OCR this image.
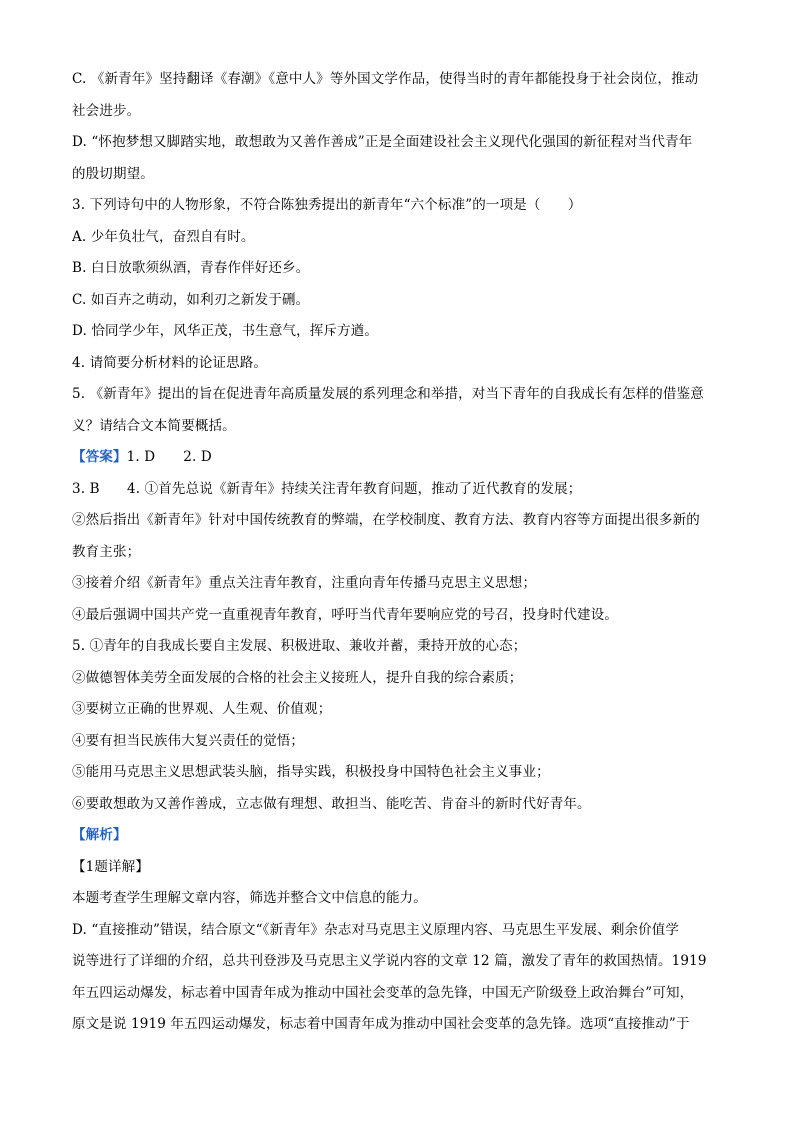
C. 《新青年》坚持翻译《春潮》《意中人》等外国文学作品，使得当时的青年都能投身于社会岗位，推动
社会进步。
D. “怀抱梦想又脚踏实地，敢想敢为又善作善成”正是全面建设社会主义现代化强国的新征程对当代青年
的殷切期望。
3. 下列诗句中的人物形象，不符合陈独秀提出的新青年“六个标准”的一项是（　　）
A. 少年负壮气，奋烈自有时。
B. 白日放歌须纵酒，青春作伴好还乡。
C. 如百卉之萌动，如利刃之新发于硎。
D. 恰同学少年，风华正茂，书生意气，挥斥方遒。
4. 请简要分析材料的论证思路。
5. 《新青年》提出的旨在促进青年高质量发展的系列理念和举措，对当下青年的自我成长有怎样的借鉴意
义？请结合文本简要概括。
【答案】1. D 2. D
3. B　　4. ①首先总说《新青年》持续关注青年教育问题，推动了近代教育的发展；
②然后指出《新青年》针对中国传统教育的弊端，在学校制度、教育方法、教育内容等方面提出很多新的
教育主张；
③接着介绍《新青年》重点关注青年教育，注重向青年传播马克思主义思想；
④最后强调中国共产党一直重视青年教育，呼吁当代青年要响应党的号召，投身时代建设。
5. ①青年的自我成长要自主发展、积极进取、兼收并蓄，秉持开放的心态；
②做德智体美劳全面发展的合格的社会主义接班人，提升自我的综合素质；
③要树立正确的世界观、人生观、价值观；
④要有担当民族伟大复兴责任的觉悟；
⑤能用马克思主义思想武装头脑，指导实践，积极投身中国特色社会主义事业；
⑥要敢想敢为又善作善成，立志做有理想、敢担当、能吃苦、肯奋斗的新时代好青年。
【解析】
【1题详解】
本题考查学生理解文章内容，筛选并整合文中信息的能力。
D. “直接推动”错误，结合原文“《新青年》杂志对马克思主义原理内容、马克思生平发展、剩余价值学
说等进行了详细的介绍，总共刊登涉及马克思主义学说内容的文章 12 篇，激发了青年的救国热情。1919
年五四运动爆发，标志着中国青年成为推动中国社会变革的急先锋，中国无产阶级登上政治舞台”可知，
原文是说 1919 年五四运动爆发，标志着中国青年成为推动中国社会变革的急先锋。选项“直接推动”于
